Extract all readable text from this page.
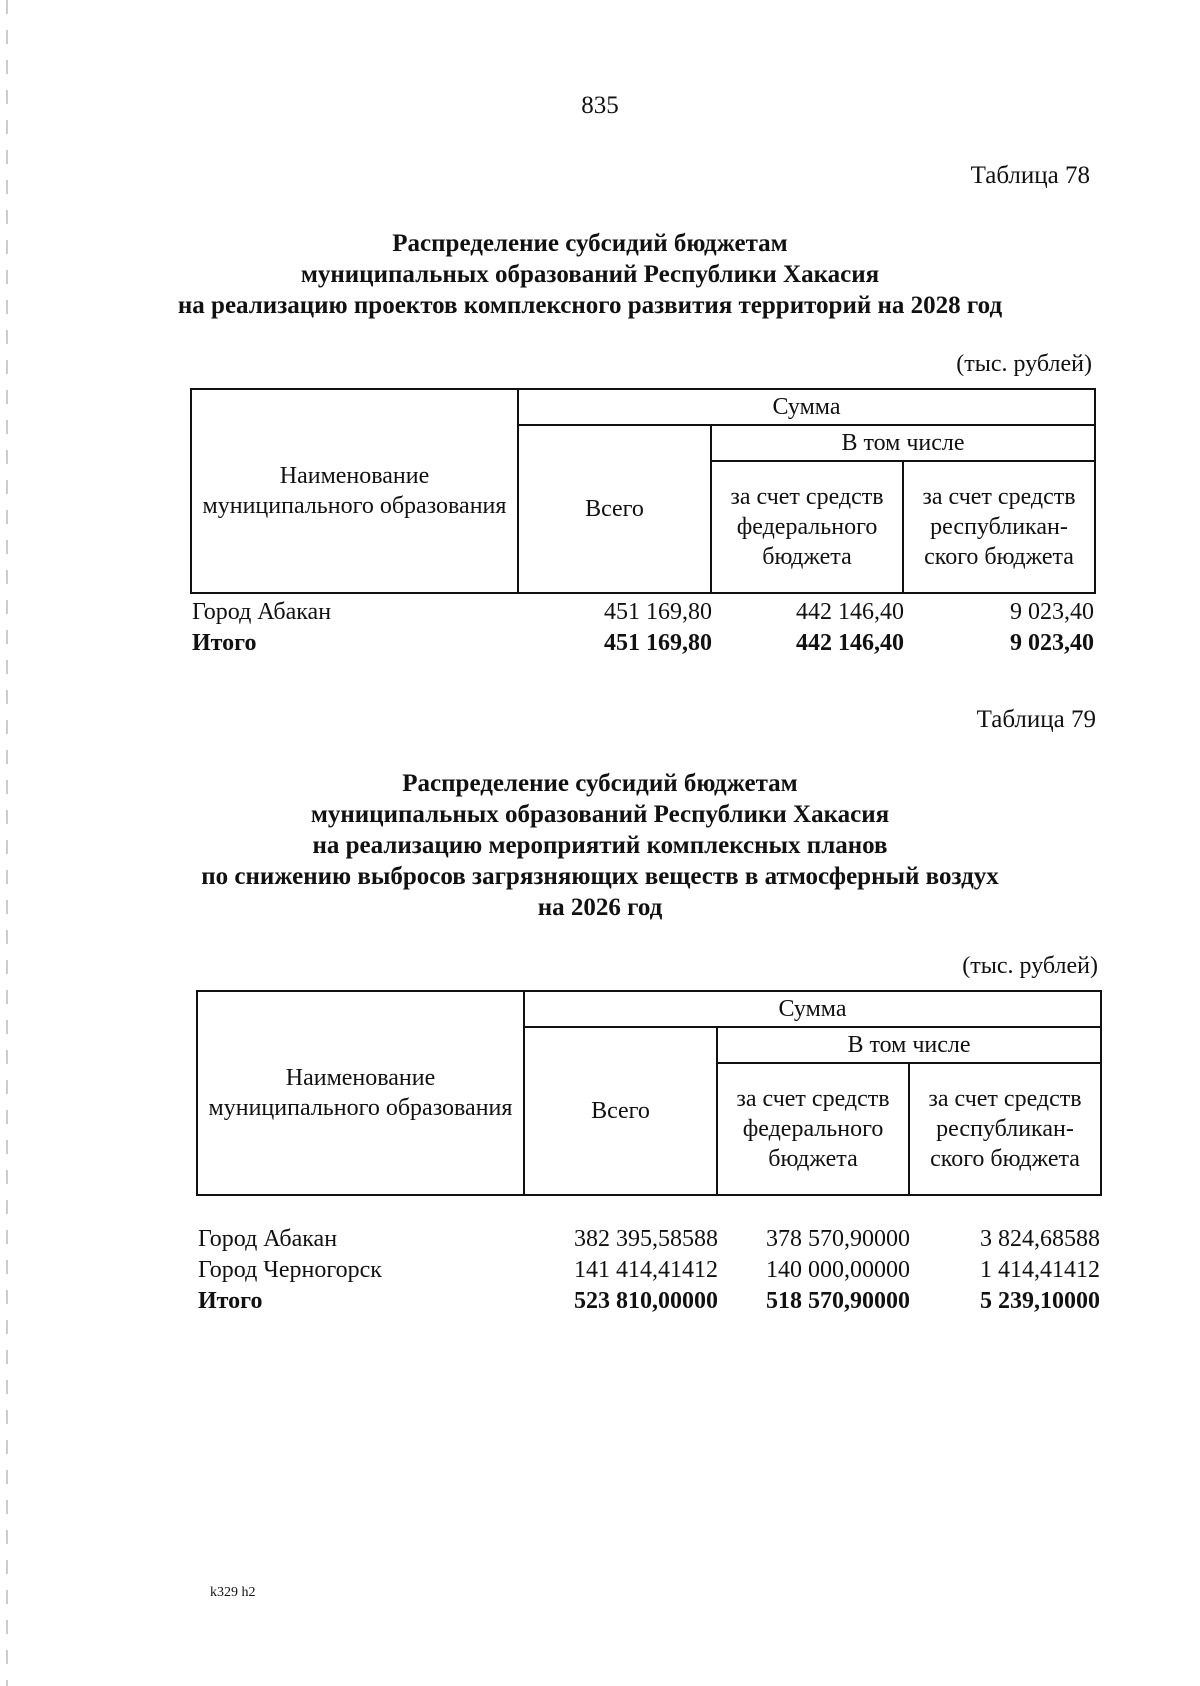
835
Таблица 78
Распределение субсидий бюджетам
муниципальных образований Республики Хакасия
на реализацию проектов комплексного развития территорий на 2028 год
(тыс. рублей)
Наименование муниципального образования	Сумма		
	Всего	В том числе	
		за счет средств федерального бюджета	за счет средств республикан-ского бюджета
Город Абакан	451 169,80	442 146,40	9 023,40
Итого	451 169,80	442 146,40	9 023,40
Таблица 79
Распределение субсидий бюджетам
муниципальных образований Республики Хакасия
на реализацию мероприятий комплексных планов
по снижению выбросов загрязняющих веществ в атмосферный воздух
на 2026 год
(тыс. рублей)
Наименование муниципального образования	Сумма		
	Всего	В том числе	
		за счет средств федерального бюджета	за счет средств республикан-ского бюджета
Город Абакан	382 395,58588	378 570,90000	3 824,68588
Город Черногорск	141 414,41412	140 000,00000	1 414,41412
Итого	523 810,00000	518 570,90000	5 239,10000
k329 h2
